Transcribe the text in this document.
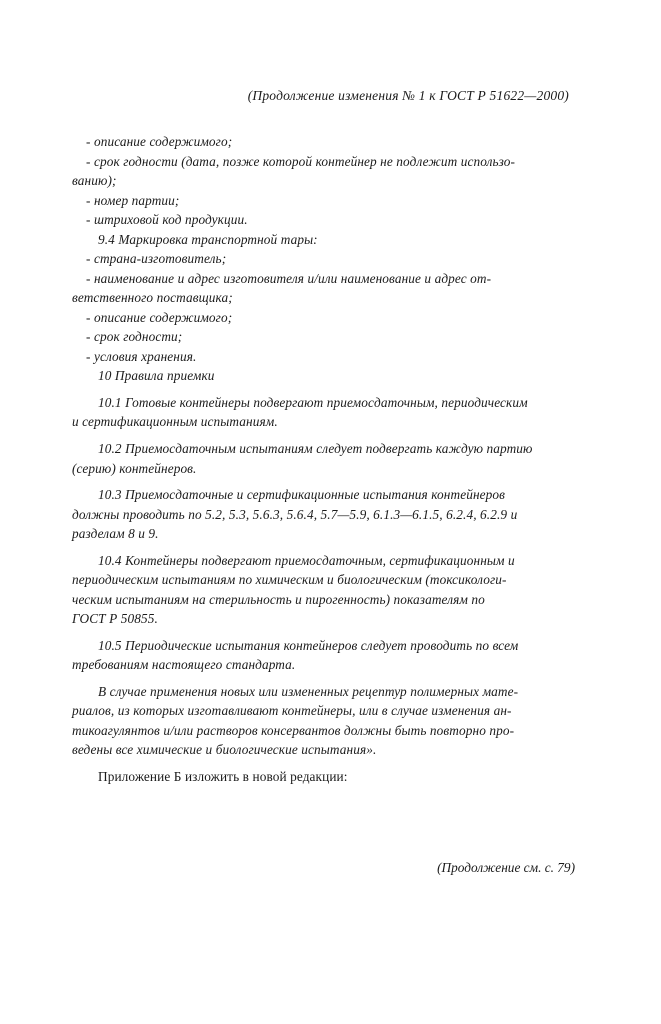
(Продолжение изменения № 1 к ГОСТ Р 51622—2000)

- описание содержимого;

- срок годности (дата, позже которой контейнер не подлежит использо-

ванию);

- номер партии;

- штриховой код продукции.

9.4 Маркировка транспортной тары:

- страна-изготовитель;

- наименование и адрес изготовителя и/или наименование и адрес от-

ветственного поставщика;

- описание содержимого;

- срок годности;

- условия хранения.

10 Правила приемки

10.1 Готовые контейнеры подвергают приемосдаточным, периодическим

и сертификационным испытаниям.

10.2 Приемосдаточным испытаниям следует подвергать каждую партию

(серию) контейнеров.

10.3 Приемосдаточные и сертификационные испытания контейнеров

должны проводить по 5.2, 5.3, 5.6.3, 5.6.4, 5.7—5.9, 6.1.3—6.1.5, 6.2.4, 6.2.9 и

разделам 8 и 9.

10.4 Контейнеры подвергают приемосдаточным, сертификационным и

периодическим испытаниям по химическим и биологическим (токсикологи-

ческим испытаниям на стерильность и пирогенность) показателям по

ГОСТ Р 50855.

10.5 Периодические испытания контейнеров следует проводить по всем

требованиям настоящего стандарта.

В случае применения новых или измененных рецептур полимерных мате-

риалов, из которых изготавливают контейнеры, или в случае изменения ан-

тикоагулянтов и/или растворов консервантов должны быть повторно про-

ведены все химические и биологические испытания».

Приложение Б изложить в новой редакции:

(Продолжение см. с. 79)
